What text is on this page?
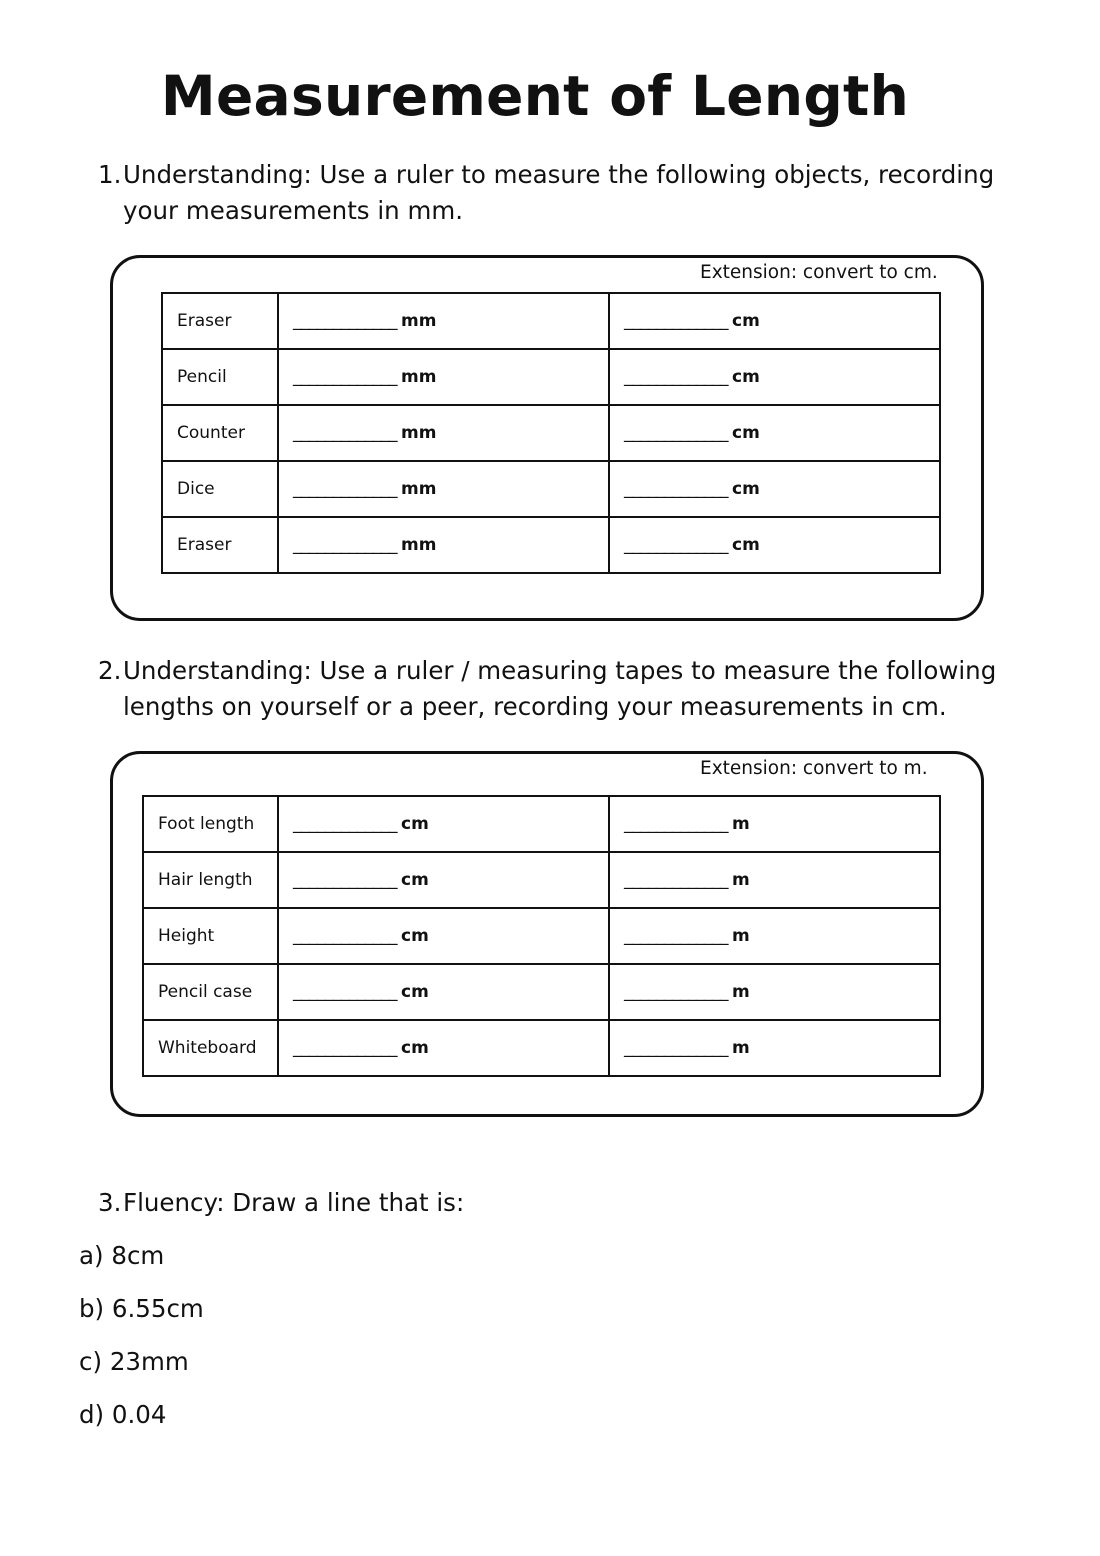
Measurement of Length
1. Understanding: Use a ruler to measure the following objects, recording your measurements in mm.
Extension: convert to cm.
Eraser	_____________ mm	_____________ cm
Pencil	_____________ mm	_____________ cm
Counter	_____________ mm	_____________ cm
Dice	_____________ mm	_____________ cm
Eraser	_____________ mm	_____________ cm
2. Understanding: Use a ruler / measuring tapes to measure the following lengths on yourself or a peer, recording your measurements in cm.
Extension: convert to m.
Foot length	_____________ cm	_____________ m
Hair length	_____________ cm	_____________ m
Height	_____________ cm	_____________ m
Pencil case	_____________ cm	_____________ m
Whiteboard	_____________ cm	_____________ m
3. Fluency: Draw a line that is:
a) 8cm
b) 6.55cm
c) 23mm
d) 0.04
